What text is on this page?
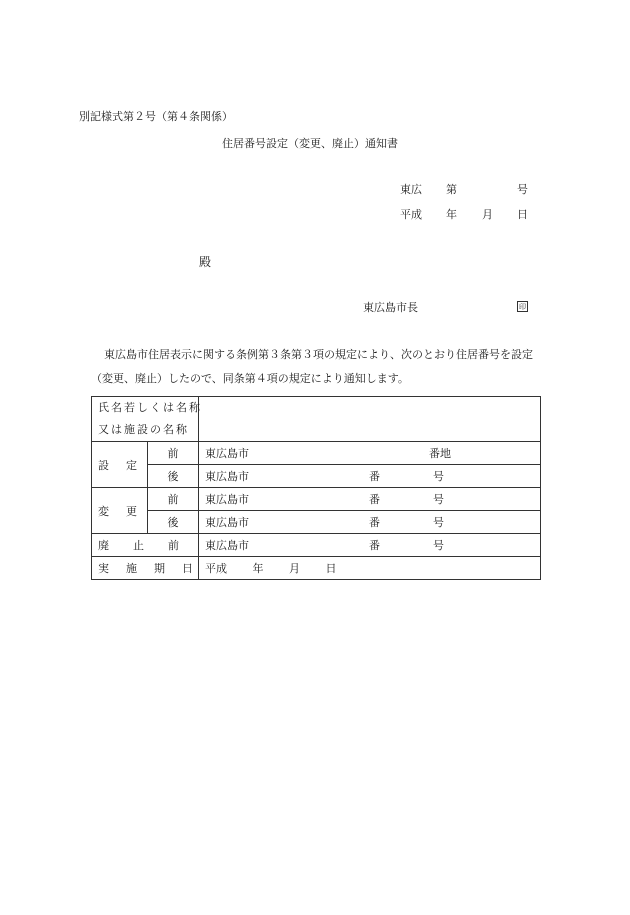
別記様式第２号（第４条関係）
住居番号設定（変更、廃止）通知書
東広 第	号
平成 年 月 日
殿
東広島市長	印
東広島市住居表示に関する条例第３条第３項の規定により、次のとおり住居番号を設定（変更、廃止）したので、同条第４項の規定により通知します。
氏名若しくは名称
又は施設の名称		

設定	前	東広島市 番地

	後	東広島市 番 号

変更	前	東広島市 番 号

	後	東広島市 番 号

廃止前		東広島市 番 号

実施期日		平成 年 月 日
